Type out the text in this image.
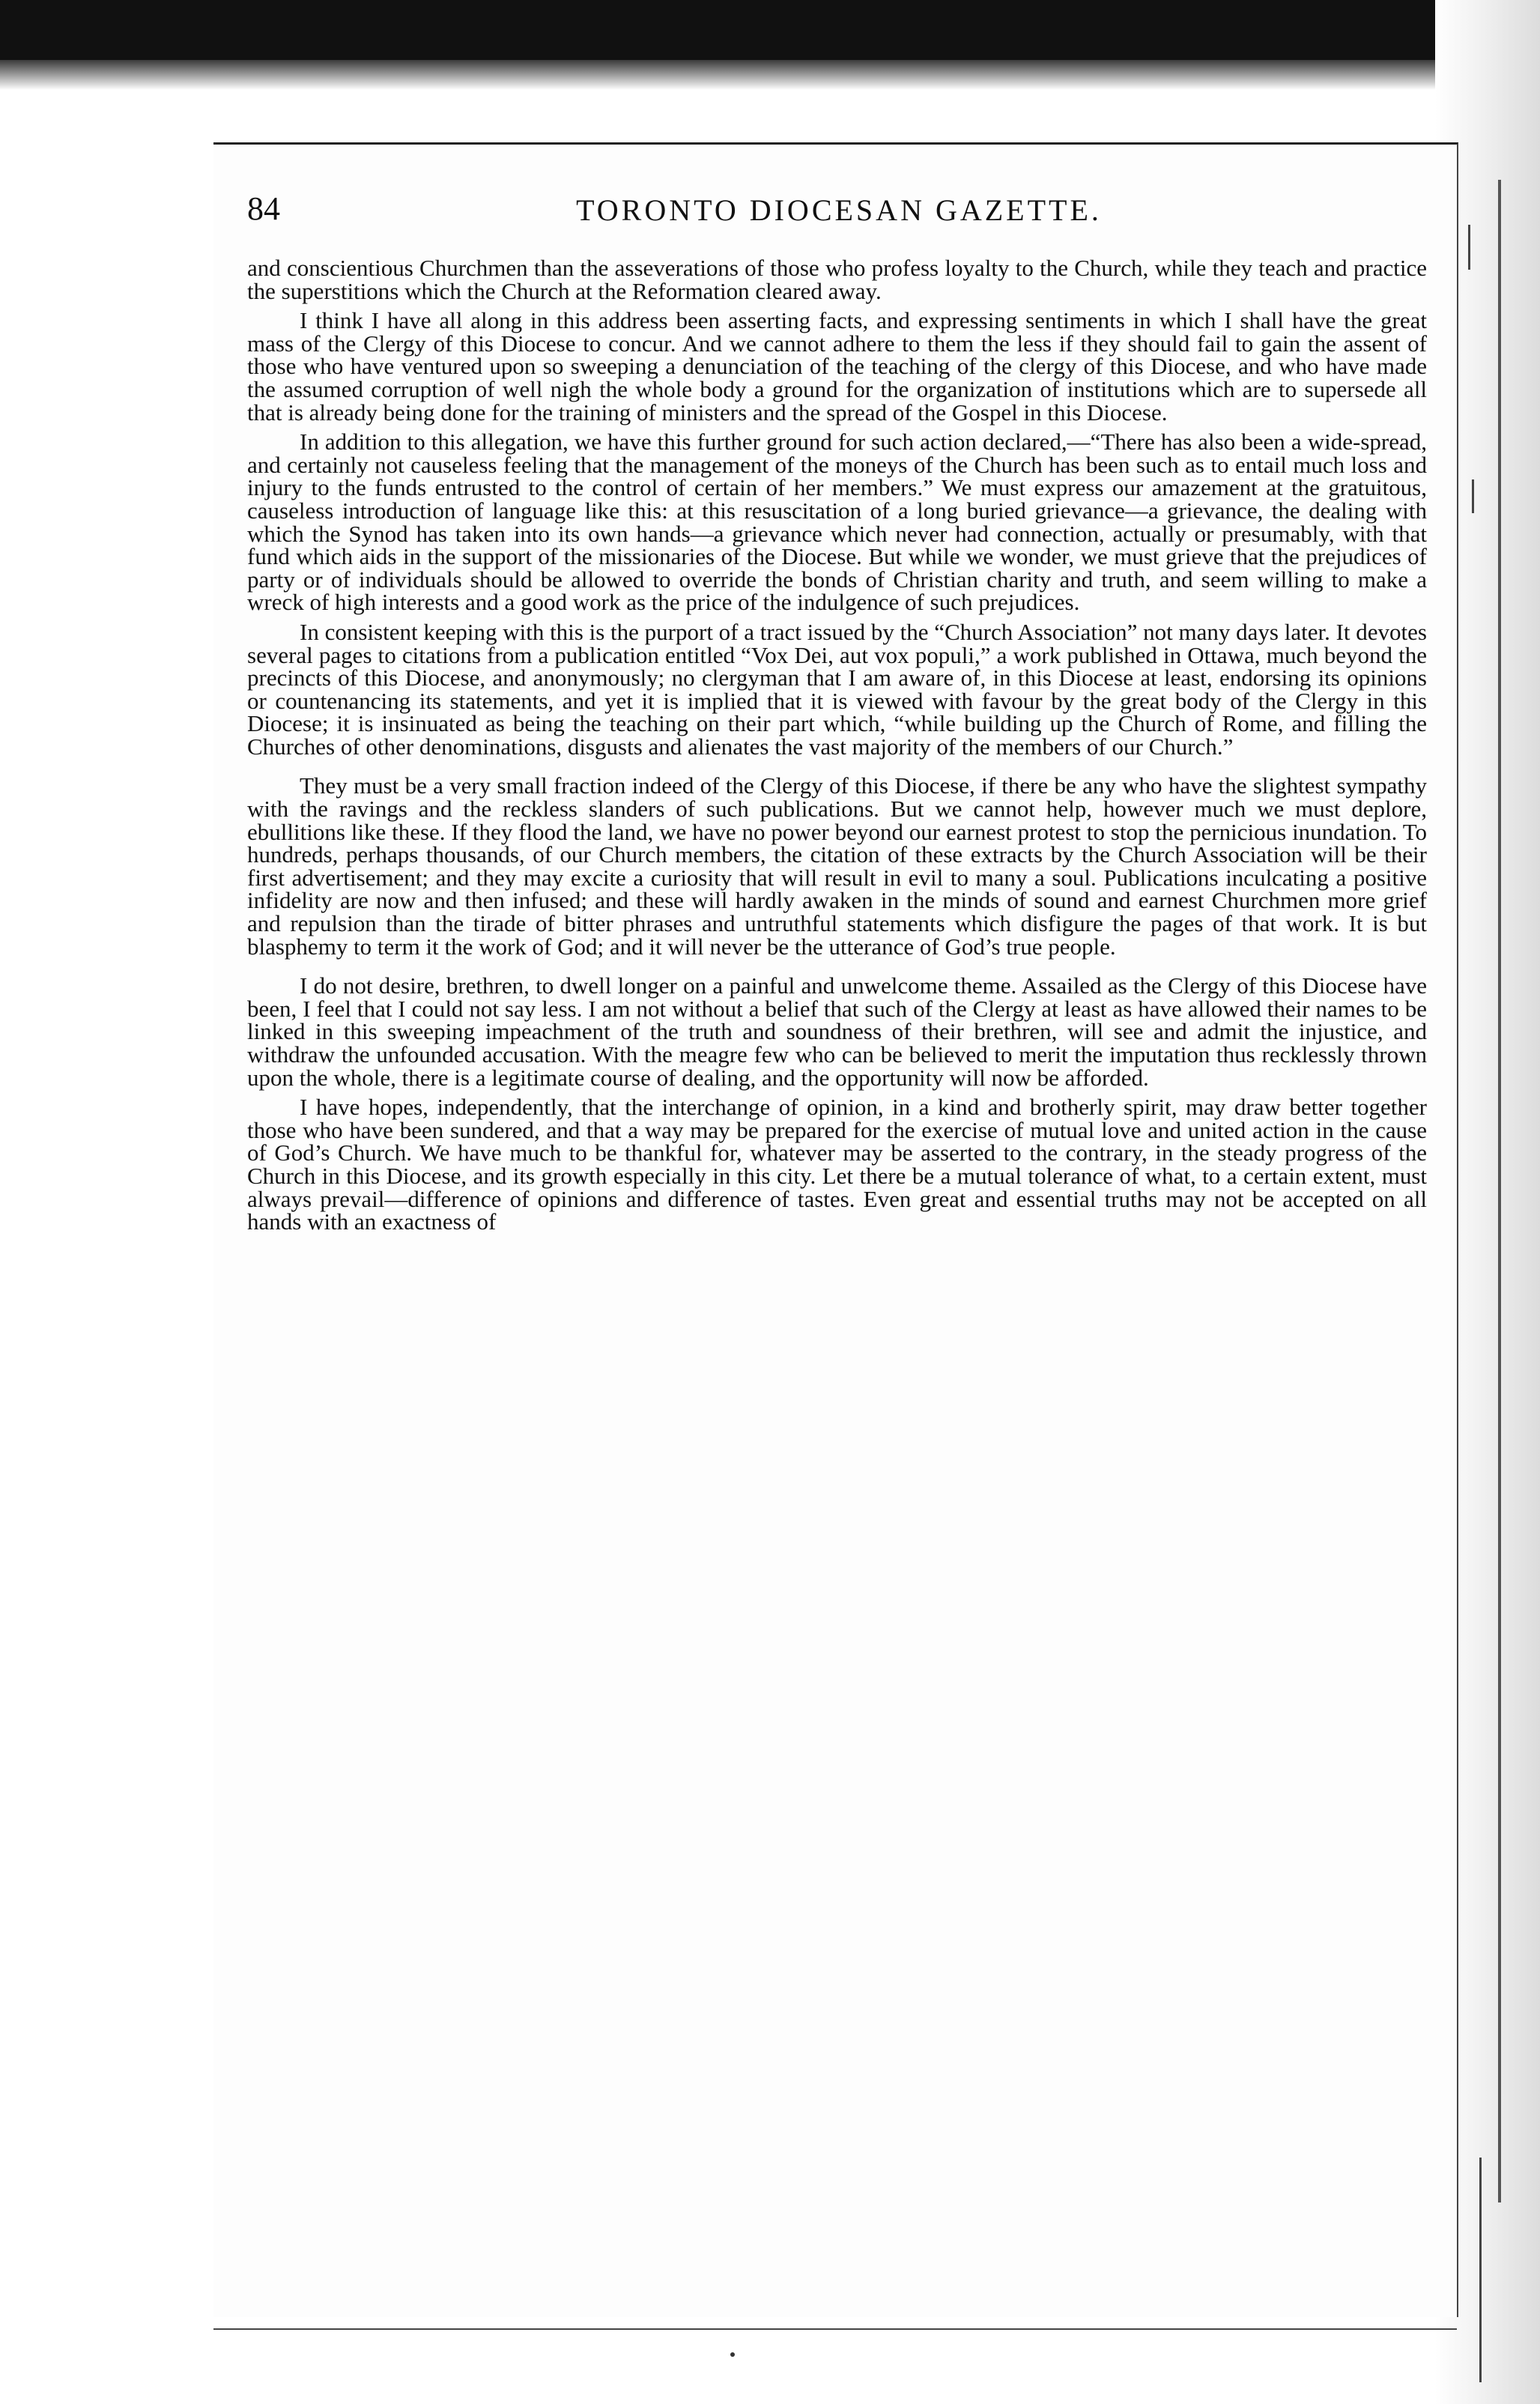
84	TORONTO DIOCESAN GAZETTE.

and conscientious Churchmen than the asseverations of those who profess loyalty to the Church, while they teach and practice the superstitions which the Church at the Reformation cleared away.

I think I have all along in this address been asserting facts, and expressing sentiments in which I shall have the great mass of the Clergy of this Diocese to concur. And we cannot adhere to them the less if they should fail to gain the assent of those who have ventured upon so sweeping a denunciation of the teaching of the clergy of this Diocese, and who have made the assumed corruption of well nigh the whole body a ground for the organization of institutions which are to supersede all that is already being done for the training of ministers and the spread of the Gospel in this Diocese.

In addition to this allegation, we have this further ground for such action declared,—“There has also been a wide-spread, and certainly not causeless feeling that the management of the moneys of the Church has been such as to entail much loss and injury to the funds entrusted to the control of certain of her members.” We must express our amazement at the gratuitous, causeless introduction of language like this: at this resuscitation of a long buried grievance—a grievance, the dealing with which the Synod has taken into its own hands—a grievance which never had connection, actually or presumably, with that fund which aids in the support of the missionaries of the Diocese. But while we wonder, we must grieve that the prejudices of party or of individuals should be allowed to override the bonds of Christian charity and truth, and seem willing to make a wreck of high interests and a good work as the price of the indulgence of such prejudices.

In consistent keeping with this is the purport of a tract issued by the “Church Association” not many days later. It devotes several pages to citations from a publication entitled “Vox Dei, aut vox populi,” a work published in Ottawa, much beyond the precincts of this Diocese, and anonymously; no clergyman that I am aware of, in this Diocese at least, endorsing its opinions or countenancing its statements, and yet it is implied that it is viewed with favour by the great body of the Clergy in this Diocese; it is insinuated as being the teaching on their part which, “while building up the Church of Rome, and filling the Churches of other denominations, disgusts and alienates the vast majority of the members of our Church.”

They must be a very small fraction indeed of the Clergy of this Diocese, if there be any who have the slightest sympathy with the ravings and the reckless slanders of such publications. But we cannot help, however much we must deplore, ebullitions like these. If they flood the land, we have no power beyond our earnest protest to stop the pernicious inundation. To hundreds, perhaps thousands, of our Church members, the citation of these extracts by the Church Association will be their first advertisement; and they may excite a curiosity that will result in evil to many a soul. Publications inculcating a positive infidelity are now and then infused; and these will hardly awaken in the minds of sound and earnest Churchmen more grief and repulsion than the tirade of bitter phrases and untruthful statements which disfigure the pages of that work. It is but blasphemy to term it the work of God; and it will never be the utterance of God’s true people.

I do not desire, brethren, to dwell longer on a painful and unwelcome theme. Assailed as the Clergy of this Diocese have been, I feel that I could not say less. I am not without a belief that such of the Clergy at least as have allowed their names to be linked in this sweeping impeachment of the truth and soundness of their brethren, will see and admit the injustice, and withdraw the unfounded accusation. With the meagre few who can be believed to merit the imputation thus recklessly thrown upon the whole, there is a legitimate course of dealing, and the opportunity will now be afforded.

I have hopes, independently, that the interchange of opinion, in a kind and brotherly spirit, may draw better together those who have been sundered, and that a way may be prepared for the exercise of mutual love and united action in the cause of God’s Church. We have much to be thankful for, whatever may be asserted to the contrary, in the steady progress of the Church in this Diocese, and its growth especially in this city. Let there be a mutual tolerance of what, to a certain extent, must always prevail—difference of opinions and difference of tastes. Even great and essential truths may not be accepted on all hands with an exactness of
